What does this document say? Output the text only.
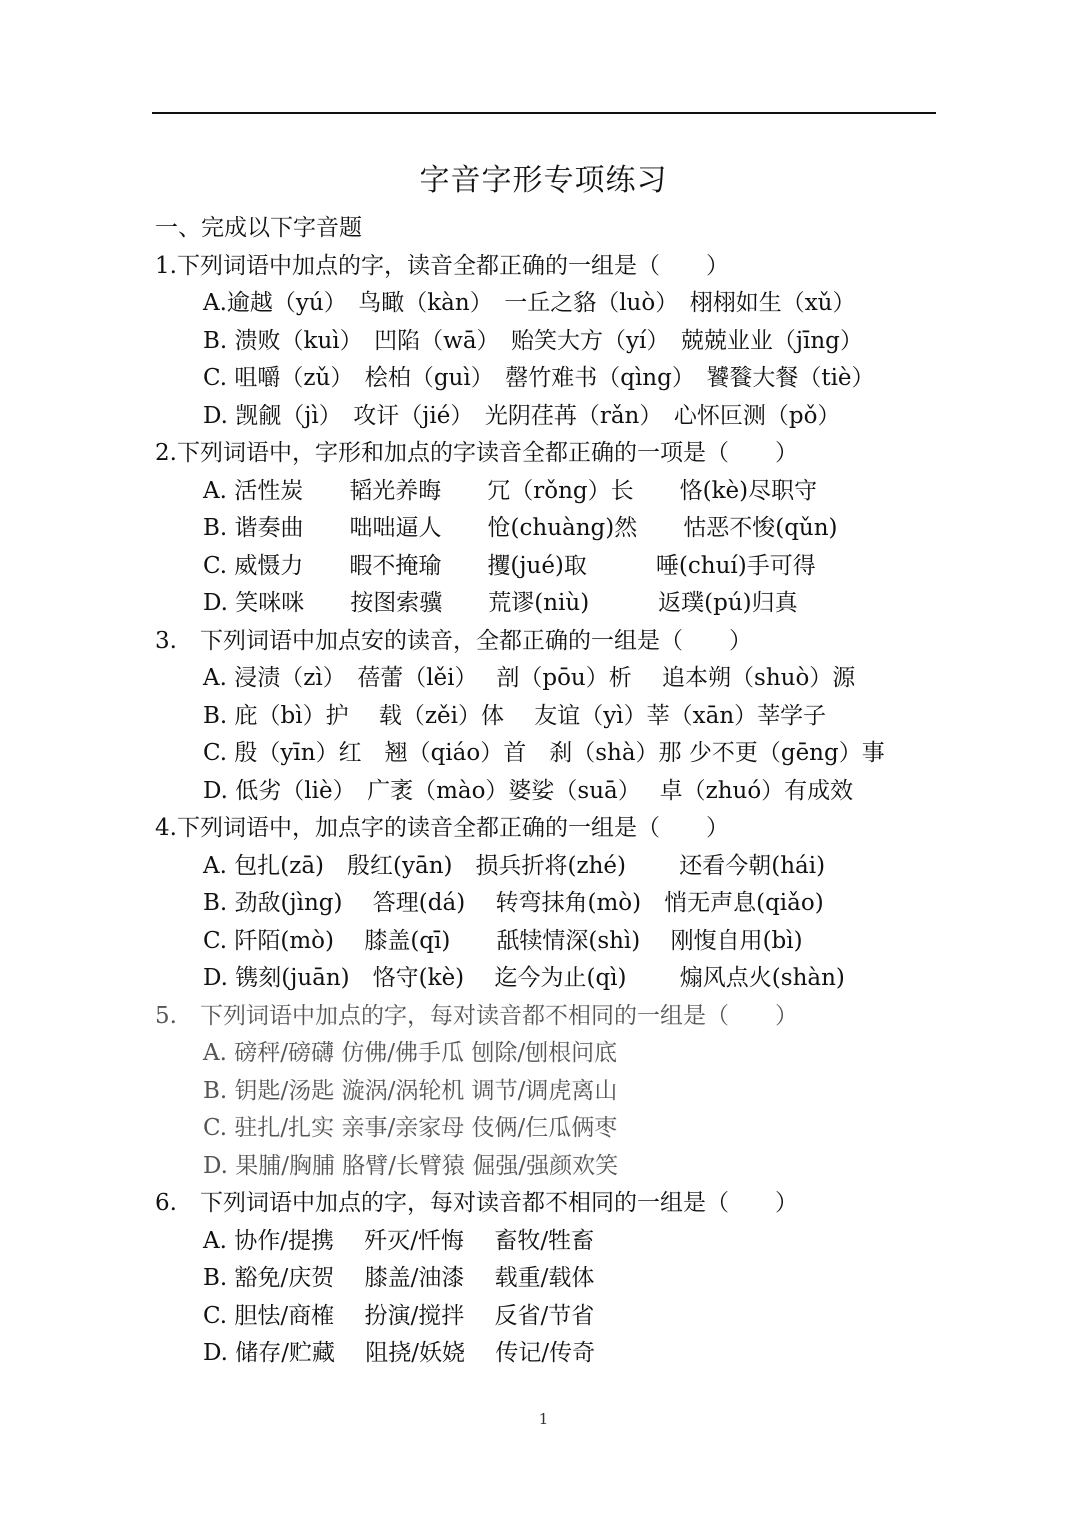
字音字形专项练习
一、完成以下字音题
1.下列词语中加点的字，读音全都正确的一组是（　　）
A.逾越（yú）　鸟瞰（kàn）　一丘之貉（luò）　栩栩如生（xǔ）
B. 溃败（kuì）　凹陷（wā）　贻笑大方（yí）　兢兢业业（jīng）
C. 咀嚼（zǔ）　桧柏（guì）　罄竹难书（qìng）　饕餮大餐（tiè）
D. 觊觎（jì）　攻讦（jié）　光阴荏苒（rǎn）　心怀叵测（pǒ）
2.下列词语中，字形和加点的字读音全都正确的一项是（　　）
A. 活性炭　　韬光养晦　　冗（rǒng）长　　恪(kè)尽职守
B. 谐奏曲　　咄咄逼人　　怆(chuàng)然　　怙恶不悛(qǔn)
C. 威慑力　　暇不掩瑜　　攫(jué)取　　　唾(chuí)手可得
D. 笑咪咪　　按图索骥　　荒谬(niù)　　　返璞(pú)归真
3.　下列词语中加点安的读音，全都正确的一组是（　　）
A. 浸渍（zì）　蓓蕾（lěi）　 剖（pōu）析　 追本朔（shuò）源
B. 庇（bì）护　 载（zěi）体　 友谊（yì）莘（xān）莘学子
C. 殷（yīn）红　翘（qiáo）首　刹（shà）那 少不更（gēng）事
D. 低劣（liè）　广袤（mào）婆娑（suā）　 卓（zhuó）有成效
4.下列词语中，加点字的读音全都正确的一组是（　　）
A. 包扎(zā)　殷红(yān)　损兵折将(zhé)　　 还看今朝(hái)
B. 劲敌(jìng)　 答理(dá)　 转弯抹角(mò)　悄无声息(qiǎo)
C. 阡陌(mò)　 膝盖(qī)　　舐犊情深(shì)　 刚愎自用(bì)
D. 镌刻(juān)　恪守(kè)　 迄今为止(qì)　　 煽风点火(shàn)
5.　下列词语中加点的字，每对读音都不相同的一组是（　　）
A. 磅秤/磅礴 仿佛/佛手瓜 刨除/刨根问底
B. 钥匙/汤匙 漩涡/涡轮机 调节/调虎离山
C. 驻扎/扎实 亲事/亲家母 伎俩/仨瓜俩枣
D. 果脯/胸脯 胳臂/长臂猿 倔强/强颜欢笑
6.　下列词语中加点的字，每对读音都不相同的一组是（　　）
A. 协作/提携　 歼灭/忏悔　 畜牧/牲畜
B. 豁免/庆贺　 膝盖/油漆　 载重/载体
C. 胆怯/商榷　 扮演/搅拌　 反省/节省
D. 储存/贮藏　 阻挠/妖娆　 传记/传奇
1
